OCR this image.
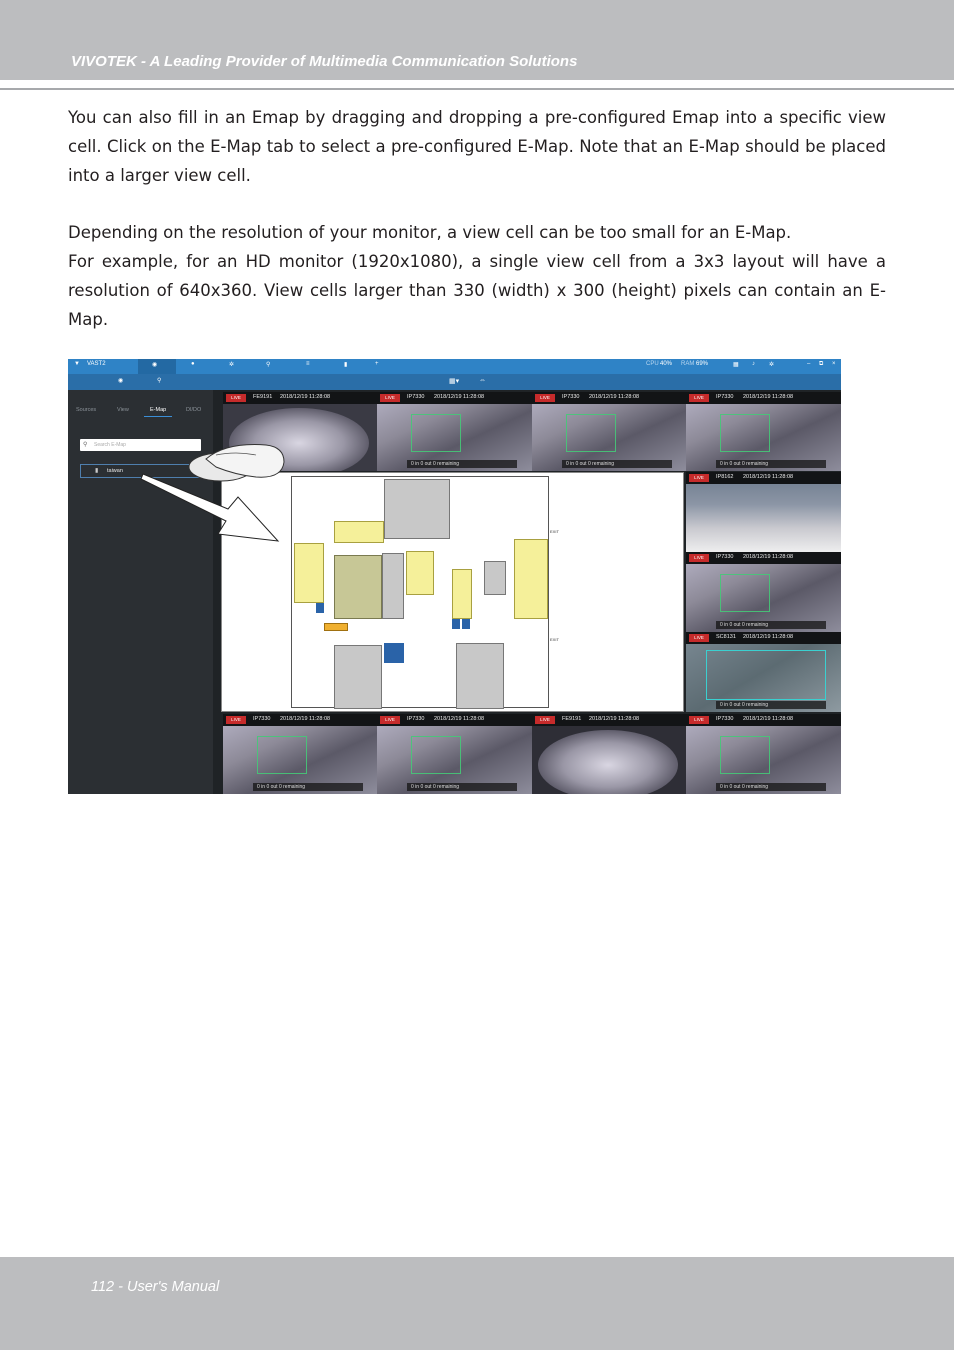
VIVOTEK - A Leading Provider of Multimedia Communication Solutions

You can also fill in an Emap by dragging and dropping a pre-configured Emap into a specific view cell. Click on the E-Map tab to select a pre-configured E-Map. Note that an E-Map should be placed into a larger view cell.

Depending on the resolution of your monitor, a view cell can be too small for an E-Map.

For example, for an HD monitor (1920x1080), a single view cell from a 3x3 layout will have a resolution of 640x360. View cells larger than 330 (width) x 300 (height) pixels can contain an E-Map.

▼ VAST2	◉	●	✲	⚲	≡	▮	+	CPU 40% RAM 69%	▦ ♪ ✲	– ⧉ ×
◉	⚲	▦▾	⇔
Sources	View	E-Map	DI/DO
⚲ Search E-Map
▮ taiwan
LIVE	FE9191 2018/12/19 11:28:08	LIVE	IP7330 2018/12/19 11:28:08
0 in 0 out 0 remaining
LIVE	IP7330 2018/12/19 11:28:08
0 in 0 out 0 remaining
LIVE	IP7330 2018/12/19 11:28:08
0 in 0 out 0 remaining
LIVE	IP8162 2018/12/19 11:28:08
LIVE	IP7330 2018/12/19 11:28:08
0 in 0 out 0 remaining
LIVE	SC8131 2018/12/19 11:28:08
0 in 0 out 0 remaining
LIVE	IP7330 2018/12/19 11:28:08
0 in 0 out 0 remaining
LIVE	IP7330 2018/12/19 11:28:08
0 in 0 out 0 remaining
LIVE	FE9191 2018/12/19 11:28:08	LIVE	IP7330 2018/12/19 11:28:08
0 in 0 out 0 remaining
EXIT
EXIT
112 - User's Manual
